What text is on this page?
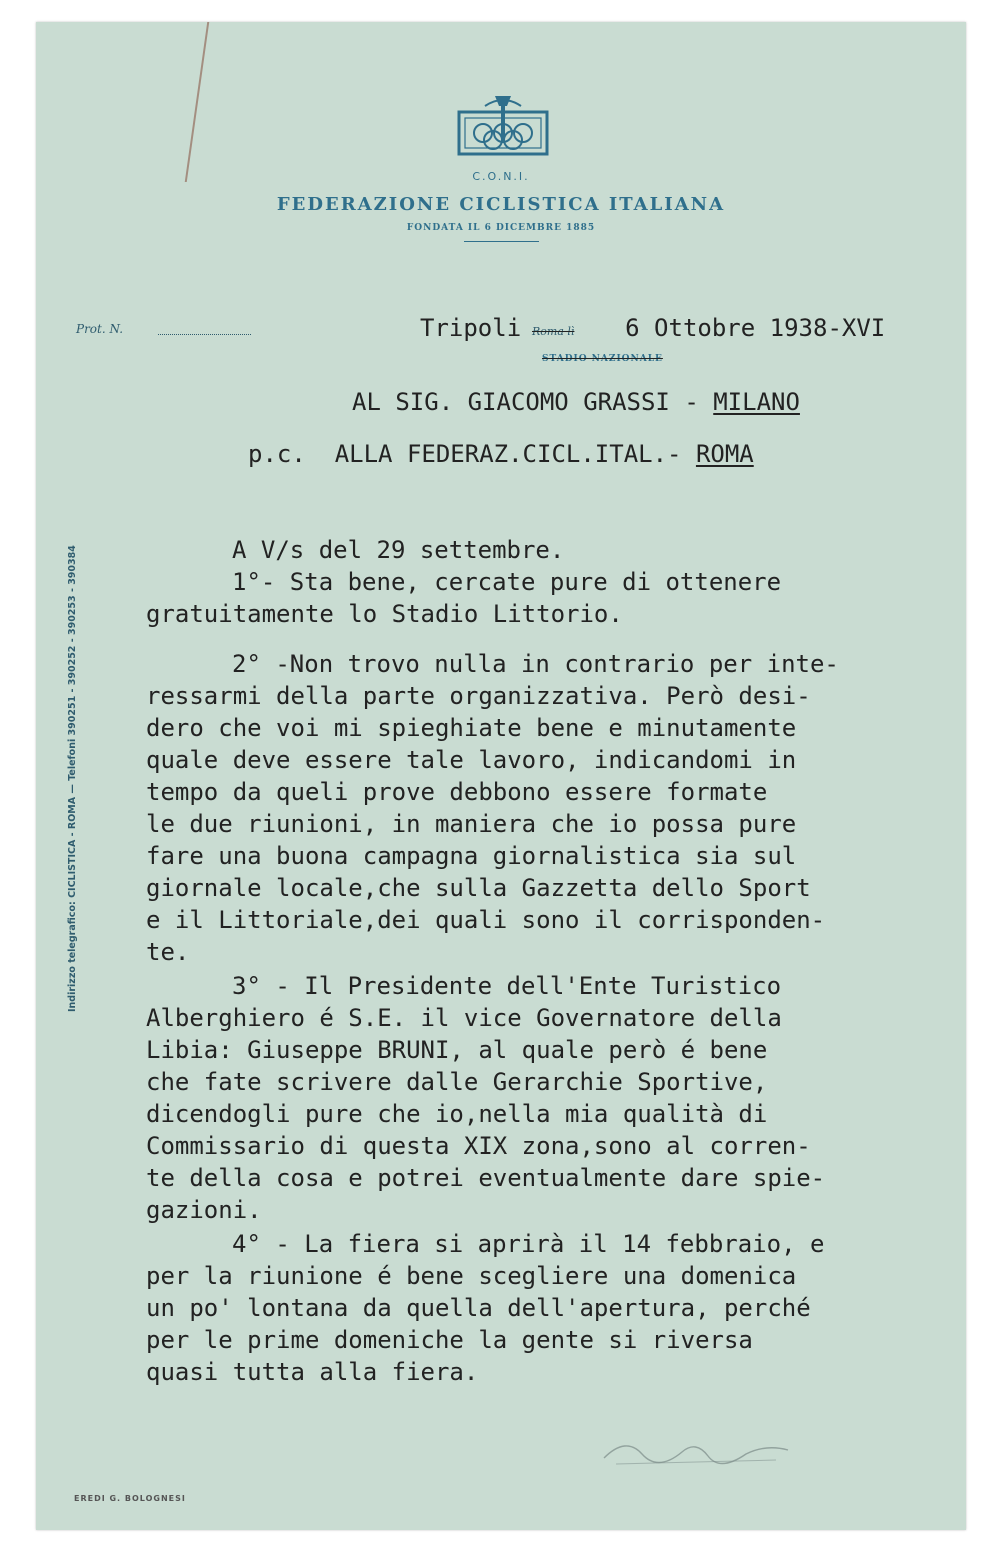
C.O.N.I.
FEDERAZIONE CICLISTICA ITALIANA
FONDATA IL 6 DICEMBRE 1885
Prot. N.	Tripoli	6 Ottobre 1938-XVI
Roma lì
STADIO NAZIONALE
AL SIG. GIACOMO GRASSI - MILANO
p.c. ALLA FEDERAZ.CICL.ITAL.- ROMA
Indirizzo telegrafico: CICLISTICA - ROMA — Telefoni 390251 - 390252 - 390253 - 390384	A V/s del 29 settembre.
1°- Sta bene, cercate pure di ottenere
gratuitamente lo Stadio Littorio.
2° -Non trovo nulla in contrario per inte-
ressarmi della parte organizzativa. Però desi-
dero che voi mi spieghiate bene e minutamente
quale deve essere tale lavoro, indicandomi in
tempo da queli prove debbono essere formate
le due riunioni, in maniera che io possa pure
fare una buona campagna giornalistica sia sul
giornale locale,che sulla Gazzetta dello Sport
e il Littoriale,dei quali sono il corrisponden-
te.
3° - Il Presidente dell'Ente Turistico
Alberghiero é S.E. il vice Governatore della
Libia: Giuseppe BRUNI, al quale però é bene
che fate scrivere dalle Gerarchie Sportive,
dicendogli pure che io,nella mia qualità di
Commissario di questa XIX zona,sono al corren-
te della cosa e potrei eventualmente dare spie-
gazioni.
4° - La fiera si aprirà il 14 febbraio, e
per la riunione é bene scegliere una domenica
un po' lontana da quella dell'apertura, perché
per le prime domeniche la gente si riversa
quasi tutta alla fiera.
EREDI G. BOLOGNESI
